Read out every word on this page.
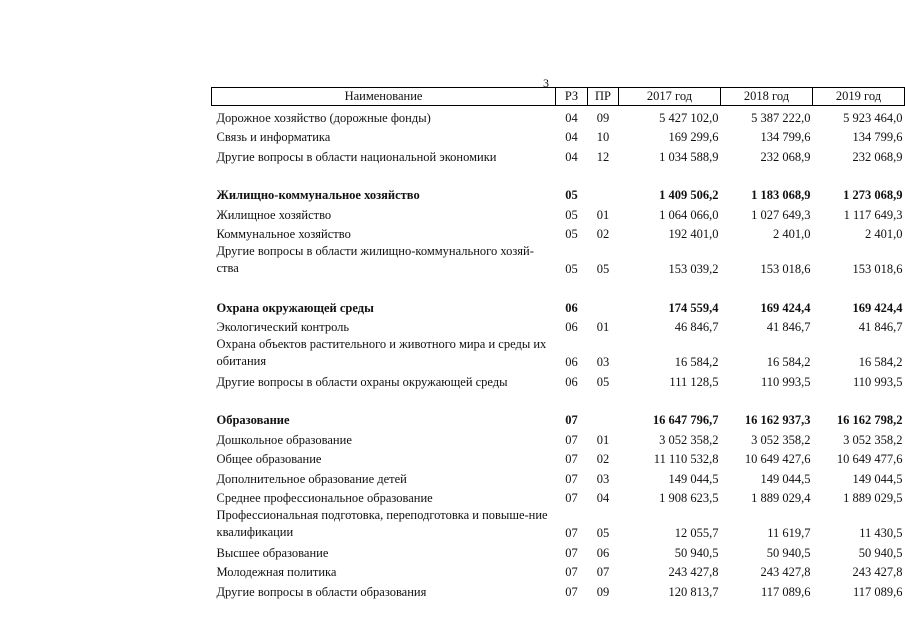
3
Наименование	РЗ	ПР	2017 год	2018 год	2019 год
Дорожное хозяйство (дорожные фонды)	04	09	5 427 102,0	5 387 222,0	5 923 464,0
Связь и информатика	04	10	169 299,6	134 799,6	134 799,6
Другие вопросы в области национальной экономики	04	12	1 034 588,9	232 068,9	232 068,9

Жилищно-коммунальное хозяйство	05		1 409 506,2	1 183 068,9	1 273 068,9
Жилищное хозяйство	05	01	1 064 066,0	1 027 649,3	1 117 649,3
Коммунальное хозяйство	05	02	192 401,0	2 401,0	2 401,0
Другие вопросы в области жилищно-коммунального хозяй-ства	05	05	153 039,2	153 018,6	153 018,6

Охрана окружающей среды	06		174 559,4	169 424,4	169 424,4
Экологический контроль	06	01	46 846,7	41 846,7	41 846,7
Охрана объектов растительного и животного мира и среды их обитания	06	03	16 584,2	16 584,2	16 584,2
Другие вопросы в области охраны окружающей среды	06	05	111 128,5	110 993,5	110 993,5

Образование	07		16 647 796,7	16 162 937,3	16 162 798,2
Дошкольное образование	07	01	3 052 358,2	3 052 358,2	3 052 358,2
Общее образование	07	02	11 110 532,8	10 649 427,6	10 649 477,6
Дополнительное образование детей	07	03	149 044,5	149 044,5	149 044,5
Среднее профессиональное образование	07	04	1 908 623,5	1 889 029,4	1 889 029,5
Профессиональная подготовка, переподготовка и повыше-ние квалификации	07	05	12 055,7	11 619,7	11 430,5
Высшее образование	07	06	50 940,5	50 940,5	50 940,5
Молодежная политика	07	07	243 427,8	243 427,8	243 427,8
Другие вопросы в области образования	07	09	120 813,7	117 089,6	117 089,6
